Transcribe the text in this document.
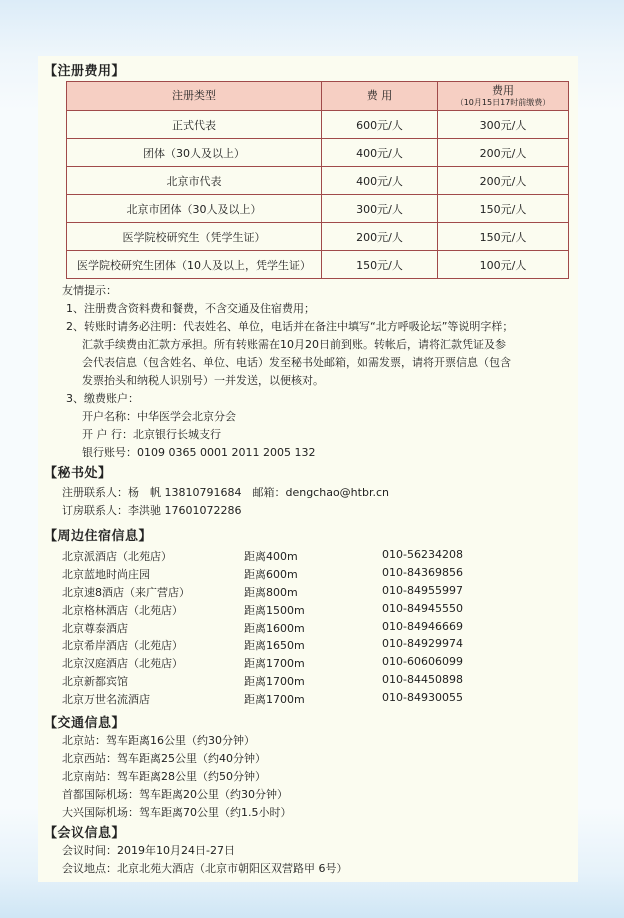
【注册费用】
注册类型	费 用	费用
（10月15日17时前缴费）

正式代表	600元/人	300元/人
团体（30人及以上）	400元/人	200元/人
北京市代表	400元/人	200元/人
北京市团体（30人及以上）	300元/人	150元/人
医学院校研究生（凭学生证）	200元/人	150元/人
医学院校研究生团体（10人及以上，凭学生证）	150元/人	100元/人

友情提示：

1、注册费含资料费和餐费，不含交通及住宿费用；

2、转账时请务必注明：代表姓名、单位，电话并在备注中填写“北方呼吸论坛”等说明字样；

汇款手续费由汇款方承担。所有转账需在10月20日前到账。转帐后，请将汇款凭证及参

会代表信息（包含姓名、单位、电话）发至秘书处邮箱，如需发票，请将开票信息（包含

发票抬头和纳税人识别号）一并发送，以便核对。

3、缴费账户：

开户名称：中华医学会北京分会

开 户 行：北京银行长城支行

银行账号：0109 0365 0001 2011 2005 132

【秘书处】

注册联系人：杨　帆 13810791684　邮箱：dengchao@htbr.cn

订房联系人：李洪驰 17601072286

【周边住宿信息】
北京派酒店（北苑店）	距离400m	010-56234208
北京蓝地时尚庄园	距离600m	010-84369856
北京速8酒店（来广营店）	距离800m	010-84955997
北京格林酒店（北苑店）	距离1500m	010-84945550
北京尊泰酒店	距离1600m	010-84946669
北京希岸酒店（北苑店）	距离1650m	010-84929974
北京汉庭酒店（北苑店）	距离1700m	010-60606099
北京新都宾馆	距离1700m	010-84450898
北京万世名流酒店	距离1700m	010-84930055
【交通信息】

北京站：驾车距离16公里（约30分钟）

北京西站：驾车距离25公里（约40分钟）

北京南站：驾车距离28公里（约50分钟）

首都国际机场：驾车距离20公里（约30分钟）

大兴国际机场：驾车距离70公里（约1.5小时）

【会议信息】

会议时间：2019年10月24日-27日

会议地点：北京北苑大酒店（北京市朝阳区双营路甲 6号）
